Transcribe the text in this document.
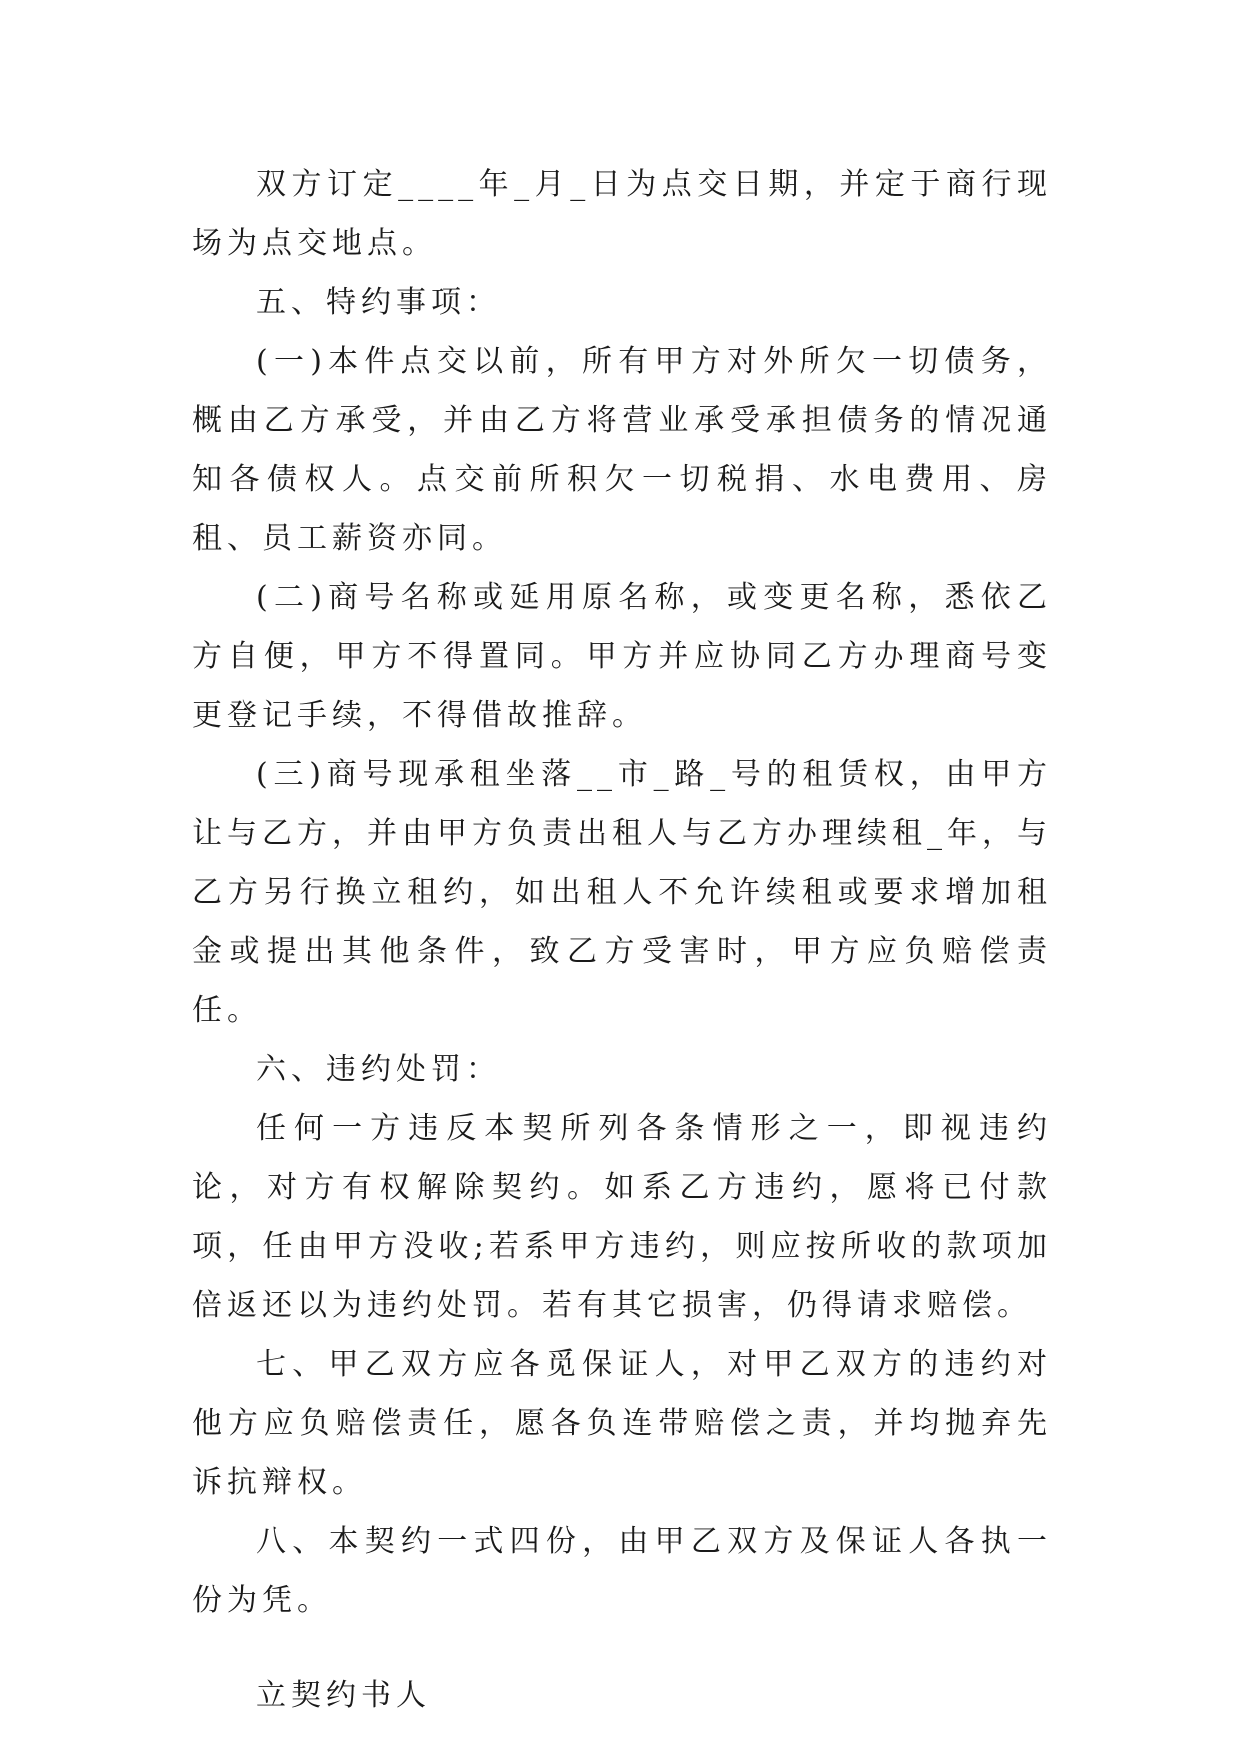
双方订定____年_月_日为点交日期，并定于商行现场为点交地点。

五、特约事项：

(一)本件点交以前，所有甲方对外所欠一切债务，概由乙方承受，并由乙方将营业承受承担债务的情况通知各债权人。点交前所积欠一切税捐、水电费用、房租、员工薪资亦同。

(二)商号名称或延用原名称，或变更名称，悉依乙方自便，甲方不得置同。甲方并应协同乙方办理商号变更登记手续，不得借故推辞。

(三)商号现承租坐落__市_路_号的租赁权，由甲方让与乙方，并由甲方负责出租人与乙方办理续租_年，与乙方另行换立租约，如出租人不允许续租或要求增加租金或提出其他条件，致乙方受害时，甲方应负赔偿责任。

六、违约处罚：

任何一方违反本契所列各条情形之一，即视违约论，对方有权解除契约。如系乙方违约，愿将已付款项，任由甲方没收;若系甲方违约，则应按所收的款项加倍返还以为违约处罚。若有其它损害，仍得请求赔偿。

七、甲乙双方应各觅保证人，对甲乙双方的违约对他方应负赔偿责任，愿各负连带赔偿之责，并均抛弃先诉抗辩权。

八、本契约一式四份，由甲乙双方及保证人各执一份为凭。

立契约书人
